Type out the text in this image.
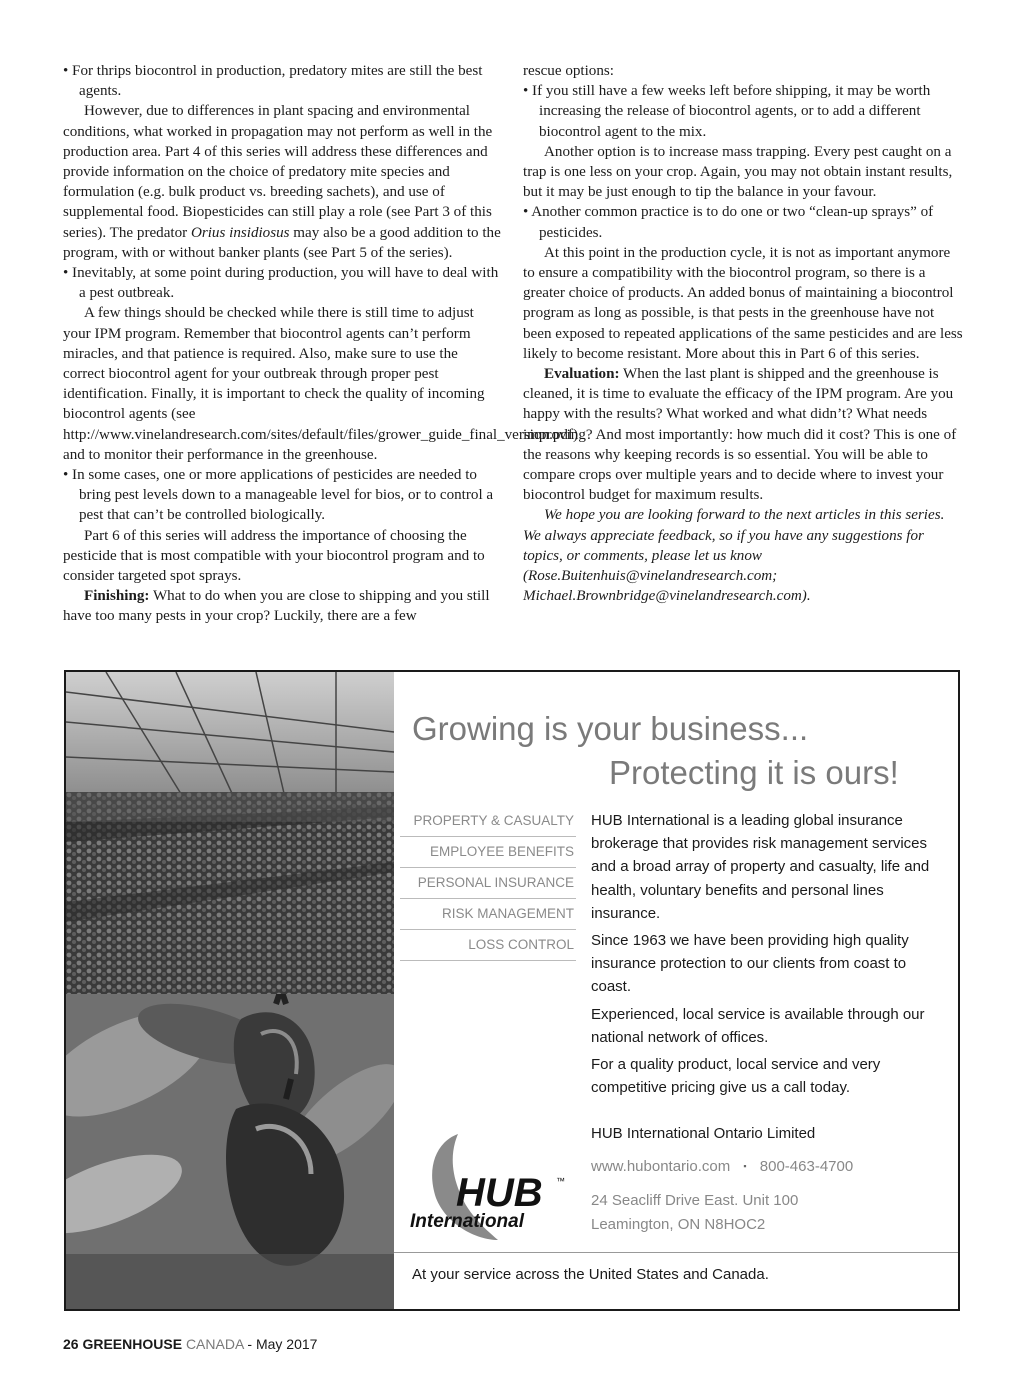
• For thrips biocontrol in production, predatory mites are still the best agents.

However, due to differences in plant spacing and environmental conditions, what worked in propagation may not perform as well in the production area. Part 4 of this series will address these differences and provide information on the choice of predatory mite species and formulation (e.g. bulk product vs. breeding sachets), and use of supplemental food. Biopesticides can still play a role (see Part 3 of this series). The predator Orius insidiosus may also be a good addition to the program, with or without banker plants (see Part 5 of the series).

• Inevitably, at some point during production, you will have to deal with a pest outbreak.

A few things should be checked while there is still time to adjust your IPM program. Remember that biocontrol agents can’t perform miracles, and that patience is required. Also, make sure to use the correct biocontrol agent for your outbreak through proper pest identification. Finally, it is important to check the quality of incoming biocontrol agents (see http://www.vinelandresearch.com/sites/default/files/grower_guide_final_version.pdf) and to monitor their performance in the greenhouse.

• In some cases, one or more applications of pesticides are needed to bring pest levels down to a manageable level for bios, or to control a pest that can’t be controlled biologically.

Part 6 of this series will address the importance of choosing the pesticide that is most compatible with your biocontrol program and to consider targeted spot sprays.

Finishing: What to do when you are close to shipping and you still have too many pests in your crop? Luckily, there are a few

rescue options:

• If you still have a few weeks left before shipping, it may be worth increasing the release of biocontrol agents, or to add a different biocontrol agent to the mix.

Another option is to increase mass trapping. Every pest caught on a trap is one less on your crop. Again, you may not obtain instant results, but it may be just enough to tip the balance in your favour.

• Another common practice is to do one or two “clean-up sprays” of pesticides.

At this point in the production cycle, it is not as important anymore to ensure a compatibility with the biocontrol program, so there is a greater choice of products. An added bonus of maintaining a biocontrol program as long as possible, is that pests in the greenhouse have not been exposed to repeated applications of the same pesticides and are less likely to become resistant. More about this in Part 6 of this series.

Evaluation: When the last plant is shipped and the greenhouse is cleaned, it is time to evaluate the efficacy of the IPM program. Are you happy with the results? What worked and what didn’t? What needs improving? And most importantly: how much did it cost? This is one of the reasons why keeping records is so essential. You will be able to compare crops over multiple years and to decide where to invest your biocontrol budget for maximum results.

We hope you are looking forward to the next articles in this series. We always appreciate feedback, so if you have any suggestions for topics, or comments, please let us know (Rose.Buitenhuis@vinelandresearch.com; Michael.Brownbridge@vinelandresearch.com).

Growing is your business...
Protecting it is ours!
PROPERTY & CASUALTY
EMPLOYEE BENEFITS
PERSONAL INSURANCE
RISK MANAGEMENT
LOSS CONTROL

HUB International is a leading global insurance brokerage that provides risk management services and a broad array of property and casualty, life and health, voluntary benefits and personal lines insurance.

Since 1963 we have been providing high quality insurance protection to our clients from coast to coast.

Experienced, local service is available through our national network of offices.

For a quality product, local service and very competitive pricing give us a call today.

HUB ™
International
HUB International Ontario Limited
www.hubontario.com ▪ 800-463-4700
24 Seacliff Drive East. Unit 100
Leamington, ON N8HOC2
At your service across the United States and Canada.
26 GREENHOUSE CANADA - May 2017
